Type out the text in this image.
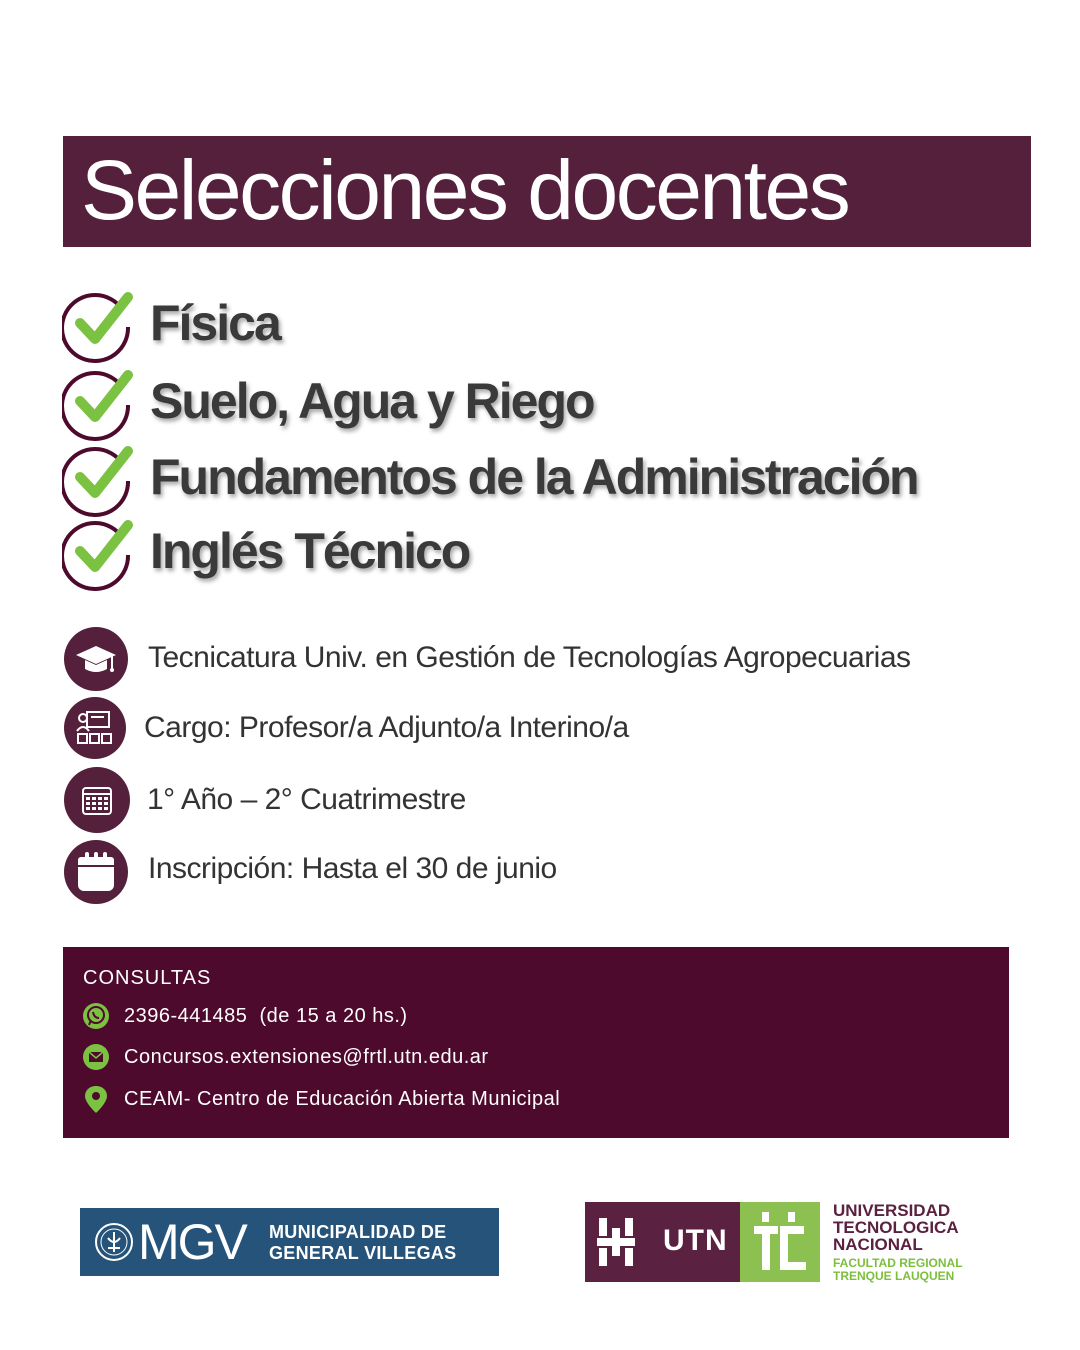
Selecciones docentes
Física
Suelo, Agua y Riego
Fundamentos de la Administración
Inglés Técnico
Tecnicatura Univ. en Gestión de Tecnologías Agropecuarias
Cargo: Profesor/a Adjunto/a Interino/a
1° Año – 2° Cuatrimestre
Inscripción: Hasta el 30 de junio
CONSULTAS
2396-441485  (de 15 a 20 hs.)
Concursos.extensiones@frtl.utn.edu.ar
CEAM- Centro de Educación Abierta Municipal
MGV MUNICIPALIDAD DE
GENERAL VILLEGAS	UTN
UNIVERSIDAD
TECNOLOGICA
NACIONAL
FACULTAD REGIONAL
TRENQUE LAUQUEN
